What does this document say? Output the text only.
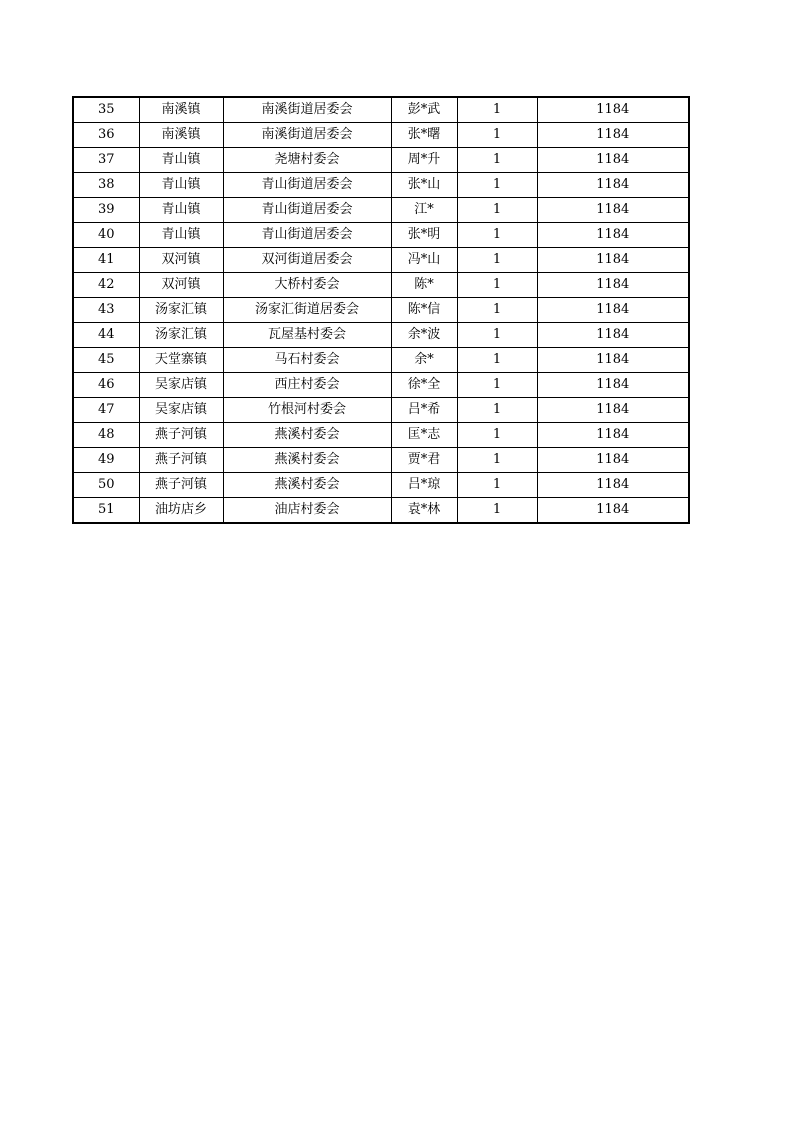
35	南溪镇	南溪街道居委会	彭*武	1	1184
36	南溪镇	南溪街道居委会	张*曙	1	1184
37	青山镇	尧塘村委会	周*升	1	1184
38	青山镇	青山街道居委会	张*山	1	1184
39	青山镇	青山街道居委会	江*	1	1184
40	青山镇	青山街道居委会	张*明	1	1184
41	双河镇	双河街道居委会	冯*山	1	1184
42	双河镇	大桥村委会	陈*	1	1184
43	汤家汇镇	汤家汇街道居委会	陈*信	1	1184
44	汤家汇镇	瓦屋基村委会	余*波	1	1184
45	天堂寨镇	马石村委会	余*	1	1184
46	吴家店镇	西庄村委会	徐*全	1	1184
47	吴家店镇	竹根河村委会	吕*希	1	1184
48	燕子河镇	燕溪村委会	匡*志	1	1184
49	燕子河镇	燕溪村委会	贾*君	1	1184
50	燕子河镇	燕溪村委会	吕*琼	1	1184
51	油坊店乡	油店村委会	袁*林	1	1184
